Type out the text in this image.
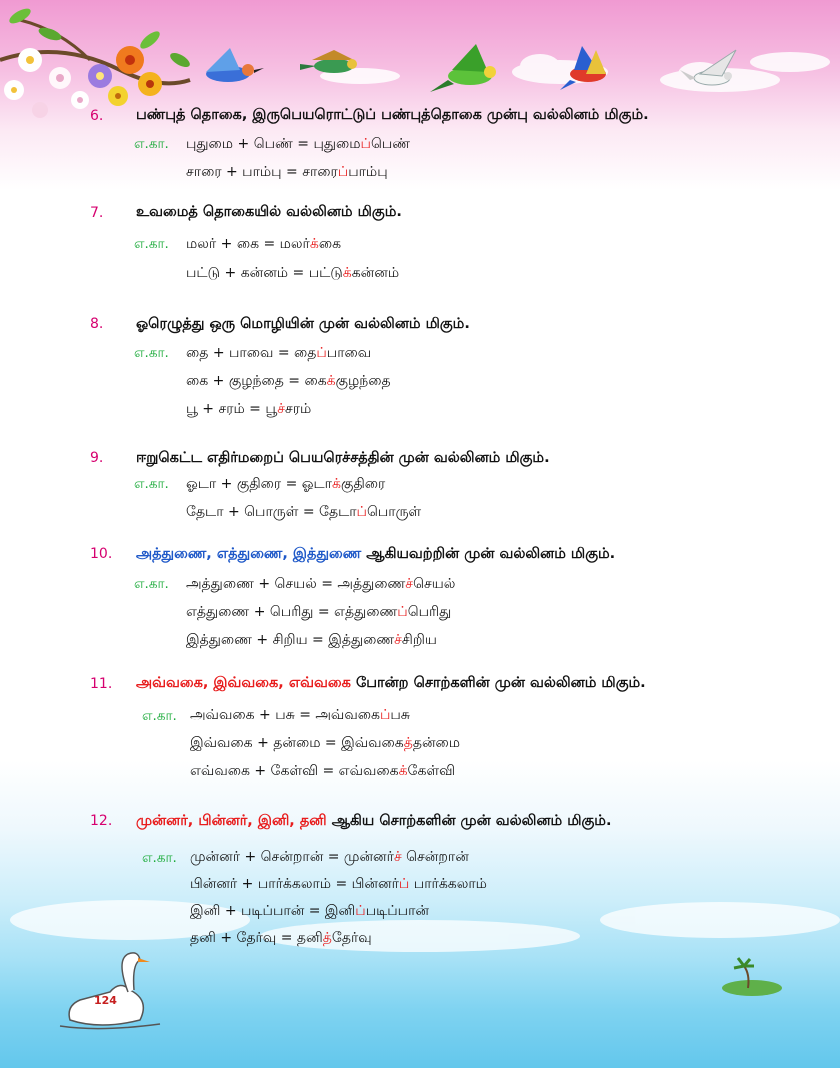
124
6. பண்புத் தொகை, இருபெயரொட்டுப் பண்புத்தொகை முன்பு வல்லினம் மிகும்.
எ.கா. புதுமை + பெண் = புதுமைப்பெண்
சாரை + பாம்பு = சாரைப்பாம்பு
7. உவமைத் தொகையில் வல்லினம் மிகும்.
எ.கா. மலர் + கை = மலர்க்கை
பட்டு + கன்னம் = பட்டுக்கன்னம்
8. ஓரெழுத்து ஒரு மொழியின் முன் வல்லினம் மிகும்.
எ.கா. தை + பாவை = தைப்பாவை
கை + குழந்தை = கைக்குழந்தை
பூ + சரம் = பூச்சரம்
9. ஈறுகெட்ட எதிர்மறைப் பெயரெச்சத்தின் முன் வல்லினம் மிகும்.
எ.கா. ஓடா + குதிரை = ஓடாக்குதிரை
தேடா + பொருள் = தேடாப்பொருள்
10. அத்துணை, எத்துணை, இத்துணை ஆகியவற்றின் முன் வல்லினம் மிகும்.
எ.கா. அத்துணை + செயல் = அத்துணைச்செயல்
எத்துணை + பெரிது = எத்துணைப்பெரிது
இத்துணை + சிறிய = இத்துணைச்சிறிய
11. அவ்வகை, இவ்வகை, எவ்வகை போன்ற சொற்களின் முன் வல்லினம் மிகும்.
எ.கா. அவ்வகை + பசு = அவ்வகைப்பசு
இவ்வகை + தன்மை = இவ்வகைத்தன்மை
எவ்வகை + கேள்வி = எவ்வகைக்கேள்வி
12. முன்னர், பின்னர், இனி, தனி ஆகிய சொற்களின் முன் வல்லினம் மிகும்.
எ.கா. முன்னர் + சென்றான் = முன்னர்ச் சென்றான்
பின்னர் + பார்க்கலாம் = பின்னர்ப் பார்க்கலாம்
இனி + படிப்பான் = இனிப்படிப்பான்
தனி + தேர்வு = தனித்தேர்வு
